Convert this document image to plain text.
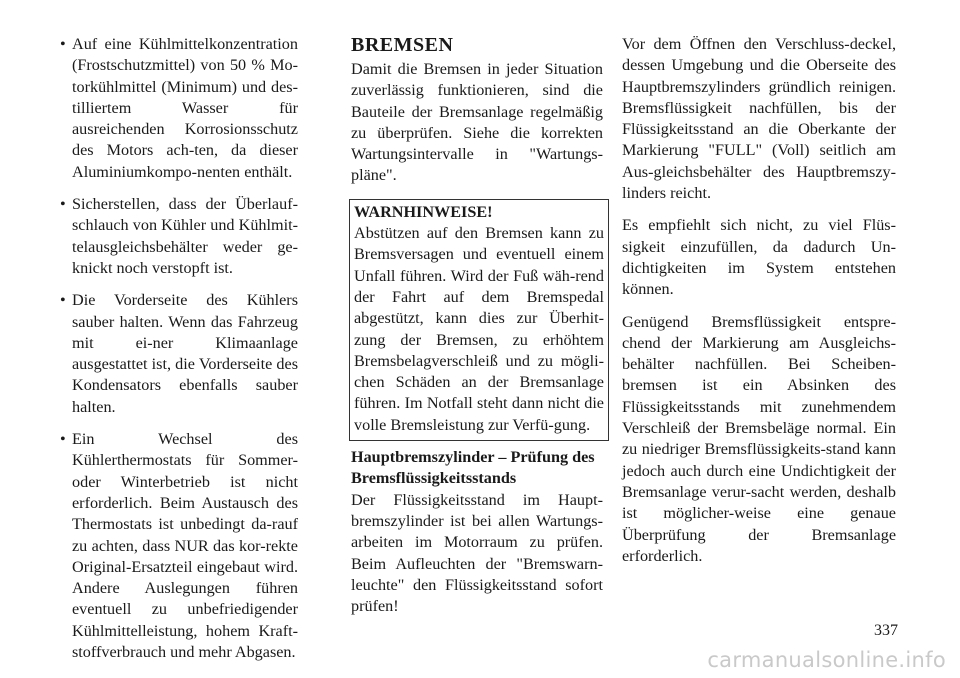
• Auf eine Kühlmittelkonzentration (Frostschutzmittel) von 50 % Mo-torkühlmittel (Minimum) und des-tilliertem Wasser für ausreichenden Korrosionsschutz des Motors ach-ten, da dieser Aluminiumkompo-nenten enthält.
• Sicherstellen, dass der Überlauf-schlauch von Kühler und Kühlmit-telausgleichsbehälter weder ge-knickt noch verstopft ist.
• Die Vorderseite des Kühlers sauber halten. Wenn das Fahrzeug mit ei-ner Klimaanlage ausgestattet ist, die Vorderseite des Kondensators ebenfalls sauber halten.
• Ein Wechsel des Kühlerthermostats für Sommer- oder Winterbetrieb ist nicht erforderlich. Beim Austausch des Thermostats ist unbedingt da-rauf zu achten, dass NUR das kor-rekte Original-Ersatzteil eingebaut wird. Andere Auslegungen führen eventuell zu unbefriedigender Kühlmittelleistung, hohem Kraft-stoffverbrauch und mehr Abgasen.
BREMSEN

Damit die Bremsen in jeder Situation zuverlässig funktionieren, sind die Bauteile der Bremsanlage regelmäßig zu überprüfen. Siehe die korrekten Wartungsintervalle in "Wartungs-pläne".

WARNHINWEISE!

Abstützen auf den Bremsen kann zu Bremsversagen und eventuell einem Unfall führen. Wird der Fuß wäh-rend der Fahrt auf dem Bremspedal abgestützt, kann dies zur Überhit-zung der Bremsen, zu erhöhtem Bremsbelagverschleiß und zu mögli-chen Schäden an der Bremsanlage führen. Im Notfall steht dann nicht die volle Bremsleistung zur Verfü-gung.

Hauptbremszylinder – Prüfung des Bremsflüssigkeitsstands

Der Flüssigkeitsstand im Haupt-bremszylinder ist bei allen Wartungs-arbeiten im Motorraum zu prüfen. Beim Aufleuchten der "Bremswarn-leuchte" den Flüssigkeitsstand sofort prüfen!

Vor dem Öffnen den Verschluss-deckel, dessen Umgebung und die Oberseite des Hauptbremszylinders gründlich reinigen. Bremsflüssigkeit nachfüllen, bis der Flüssigkeitsstand an die Oberkante der Markierung "FULL" (Voll) seitlich am Aus-gleichsbehälter des Hauptbremszy-linders reicht.

Es empfiehlt sich nicht, zu viel Flüs-sigkeit einzufüllen, da dadurch Un-dichtigkeiten im System entstehen können.

Genügend Bremsflüssigkeit entspre-chend der Markierung am Ausgleichs-behälter nachfüllen. Bei Scheiben-bremsen ist ein Absinken des Flüssigkeitsstands mit zunehmendem Verschleiß der Bremsbeläge normal. Ein zu niedriger Bremsflüssigkeits-stand kann jedoch auch durch eine Undichtigkeit der Bremsanlage verur-sacht werden, deshalb ist möglicher-weise eine genaue Überprüfung der Bremsanlage erforderlich.

337
carmanualsonline.info
